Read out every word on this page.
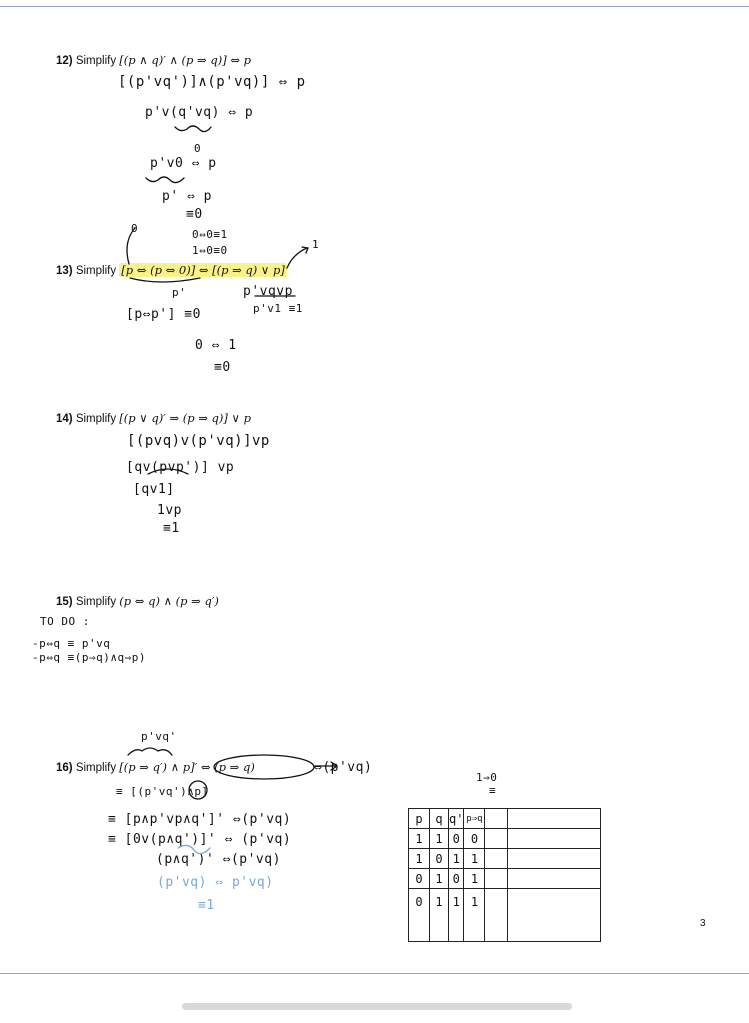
12) Simplify [(p ∧ q)′ ∧ (p ⇒ q)] ⇔ p
[(p'vq')]∧(p'vq)] ⇔ p
p'v(q'vq) ⇔ p
0
p'v0 ⇔ p
p' ⇔ p
≡0
0	0⇔0≡1
1⇔0≡0	1
13) Simplify [p ⇔ (p ⇔ 0)] ⇔ [(p ⇒ q) ∨ p]
p'	p'vqvp
p'v1 ≡1
[p⇔p'] ≡0
0 ⇔ 1
≡0
14) Simplify [(p ∨ q)′ ⇒ (p ⇒ q)] ∨ p
[(pvq)v(p'vq)]vp
[qv(pvp')] vp
[qv1]
1vp
≡1
15) Simplify (p ⇔ q) ∧ (p ⇒ q′)
TO DO :
-p⇔q ≡ p'vq
-p⇔q ≡(p⇒q)∧q⇒p)
p'vq'
16) Simplify [(p ⇒ q′) ∧ p]′ ⇔ (p ⇒ q)	⇔(p'vq)
≡ [(p'vq')∧p]
≡ [p∧p'vp∧q']' ⇔(p'vq)
≡ [0v(p∧q')]' ⇔ (p'vq)
(p∧q')' ⇔(p'vq)
(p'vq) ⇔ p'vq)
≡1
1⇒0
≡
p	q	q'	p⇒q		
1	1	0	0		
1	0	1	1		
0	1	0	1		
0	1	1	1		
3
